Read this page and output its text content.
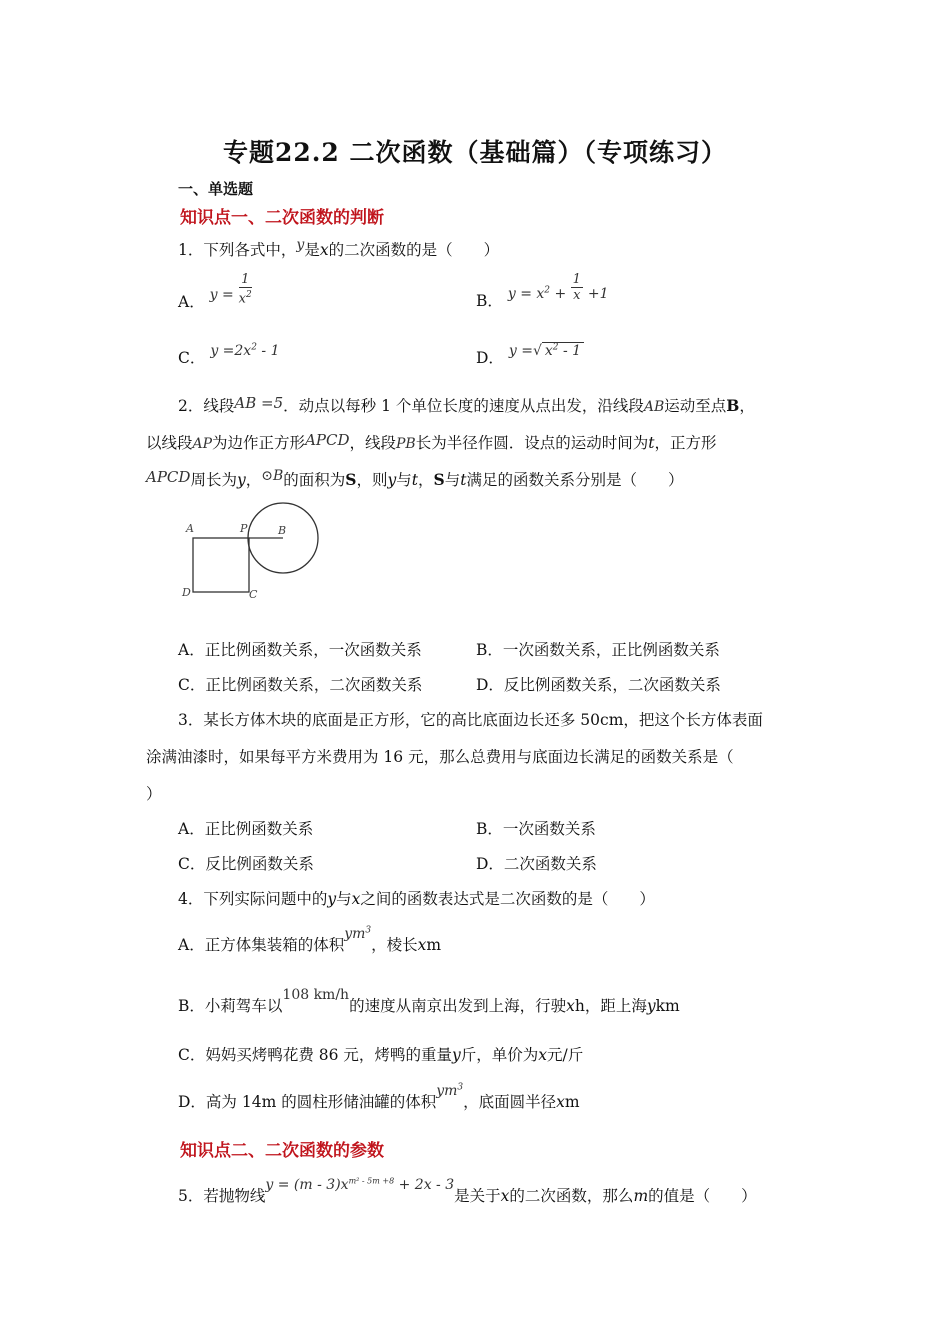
专题22.2 二次函数（基础篇）（专项练习）
一、单选题
知识点一、二次函数的判断
1．下列各式中，y是x的二次函数的是（　　）
A． $y = \frac{1}{x^2}$	B． $y = x^2 + \frac{1}{x} +1$
C． $y =2x^2 - 1$	D． y =√ $x^2 - 1$
2．线段AB =5．动点以每秒 1 个单位长度的速度从点出发，沿线段AB运动至点B，
以线段AP为边作正方形APCD，线段PB长为半径作圆．设点的运动时间为t，正方形
APCD周长为y，⊙B的面积为S，则y与t，S与t满足的函数关系分别是（　　）
A	P	B
D	C
A．正比例函数关系，一次函数关系	B．一次函数关系，正比例函数关系
C．正比例函数关系，二次函数关系	D．反比例函数关系，二次函数关系
3．某长方体木块的底面是正方形，它的高比底面边长还多 50cm，把这个长方体表面
涂满油漆时，如果每平方米费用为 16 元，那么总费用与底面边长满足的函数关系是（
）
A．正比例函数关系	B．一次函数关系
C．反比例函数关系	D．二次函数关系
4．下列实际问题中的y与x之间的函数表达式是二次函数的是（　　）
A．正方体集装箱的体积$ym^3$，棱长xm
B．小莉驾车以108 km/h的速度从南京出发到上海，行驶xh，距上海ykm
C．妈妈买烤鸭花费 86 元，烤鸭的重量y斤，单价为x元/斤
D．高为 14m 的圆柱形储油罐的体积$ym^3$，底面圆半径xm
知识点二、二次函数的参数
5．若抛物线$y = (m - 3)x^{m^2 - 5m +8} + 2x - 3$是关于x的二次函数，那么m的值是（　　）
